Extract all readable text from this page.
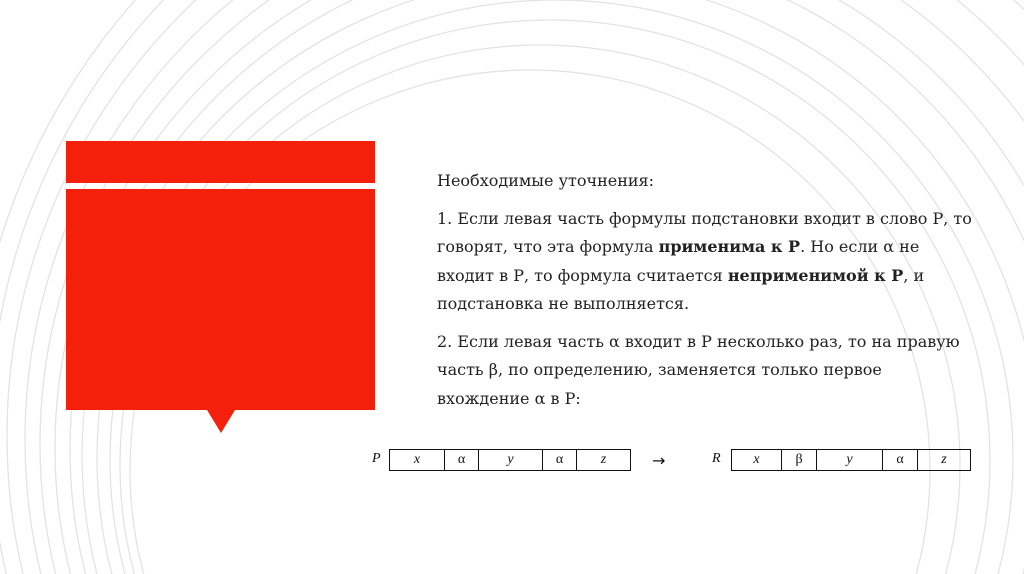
Необходимые уточнения:

1. Если левая часть формулы подстановки входит в слово Р, то говорят, что эта формула применима к Р. Но если α не входит в Р, то формула считается неприменимой к Р, и подстановка не выполняется.

2. Если левая часть α входит в Р несколько раз, то на правую часть β, по определению, заменяется только первое вхождение α в Р:

P	x	α	y	α	z	→	R	x	β	y	α	z
